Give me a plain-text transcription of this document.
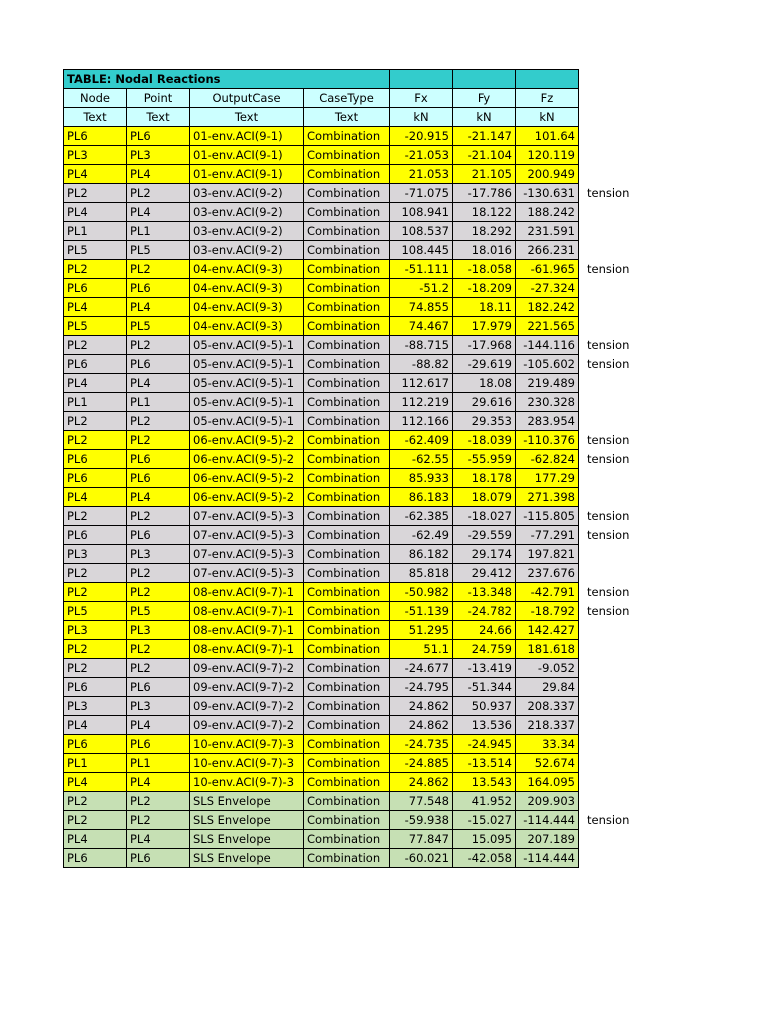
TABLE: Nodal Reactions							
Node	Point	OutputCase	CaseType	Fx	Fy	Fz	
Text	Text	Text	Text	kN	kN	kN	
PL6	PL6	01-env.ACI(9-1)	Combination	-20.915	-21.147	101.64	
PL3	PL3	01-env.ACI(9-1)	Combination	-21.053	-21.104	120.119	
PL4	PL4	01-env.ACI(9-1)	Combination	21.053	21.105	200.949	
PL2	PL2	03-env.ACI(9-2)	Combination	-71.075	-17.786	-130.631	tension
PL4	PL4	03-env.ACI(9-2)	Combination	108.941	18.122	188.242	
PL1	PL1	03-env.ACI(9-2)	Combination	108.537	18.292	231.591	
PL5	PL5	03-env.ACI(9-2)	Combination	108.445	18.016	266.231	
PL2	PL2	04-env.ACI(9-3)	Combination	-51.111	-18.058	-61.965	tension
PL6	PL6	04-env.ACI(9-3)	Combination	-51.2	-18.209	-27.324	
PL4	PL4	04-env.ACI(9-3)	Combination	74.855	18.11	182.242	
PL5	PL5	04-env.ACI(9-3)	Combination	74.467	17.979	221.565	
PL2	PL2	05-env.ACI(9-5)-1	Combination	-88.715	-17.968	-144.116	tension
PL6	PL6	05-env.ACI(9-5)-1	Combination	-88.82	-29.619	-105.602	tension
PL4	PL4	05-env.ACI(9-5)-1	Combination	112.617	18.08	219.489	
PL1	PL1	05-env.ACI(9-5)-1	Combination	112.219	29.616	230.328	
PL2	PL2	05-env.ACI(9-5)-1	Combination	112.166	29.353	283.954	
PL2	PL2	06-env.ACI(9-5)-2	Combination	-62.409	-18.039	-110.376	tension
PL6	PL6	06-env.ACI(9-5)-2	Combination	-62.55	-55.959	-62.824	tension
PL6	PL6	06-env.ACI(9-5)-2	Combination	85.933	18.178	177.29	
PL4	PL4	06-env.ACI(9-5)-2	Combination	86.183	18.079	271.398	
PL2	PL2	07-env.ACI(9-5)-3	Combination	-62.385	-18.027	-115.805	tension
PL6	PL6	07-env.ACI(9-5)-3	Combination	-62.49	-29.559	-77.291	tension
PL3	PL3	07-env.ACI(9-5)-3	Combination	86.182	29.174	197.821	
PL2	PL2	07-env.ACI(9-5)-3	Combination	85.818	29.412	237.676	
PL2	PL2	08-env.ACI(9-7)-1	Combination	-50.982	-13.348	-42.791	tension
PL5	PL5	08-env.ACI(9-7)-1	Combination	-51.139	-24.782	-18.792	tension
PL3	PL3	08-env.ACI(9-7)-1	Combination	51.295	24.66	142.427	
PL2	PL2	08-env.ACI(9-7)-1	Combination	51.1	24.759	181.618	
PL2	PL2	09-env.ACI(9-7)-2	Combination	-24.677	-13.419	-9.052	
PL6	PL6	09-env.ACI(9-7)-2	Combination	-24.795	-51.344	29.84	
PL3	PL3	09-env.ACI(9-7)-2	Combination	24.862	50.937	208.337	
PL4	PL4	09-env.ACI(9-7)-2	Combination	24.862	13.536	218.337	
PL6	PL6	10-env.ACI(9-7)-3	Combination	-24.735	-24.945	33.34	
PL1	PL1	10-env.ACI(9-7)-3	Combination	-24.885	-13.514	52.674	
PL4	PL4	10-env.ACI(9-7)-3	Combination	24.862	13.543	164.095	
PL2	PL2	SLS Envelope	Combination	77.548	41.952	209.903	
PL2	PL2	SLS Envelope	Combination	-59.938	-15.027	-114.444	tension
PL4	PL4	SLS Envelope	Combination	77.847	15.095	207.189	
PL6	PL6	SLS Envelope	Combination	-60.021	-42.058	-114.444	
